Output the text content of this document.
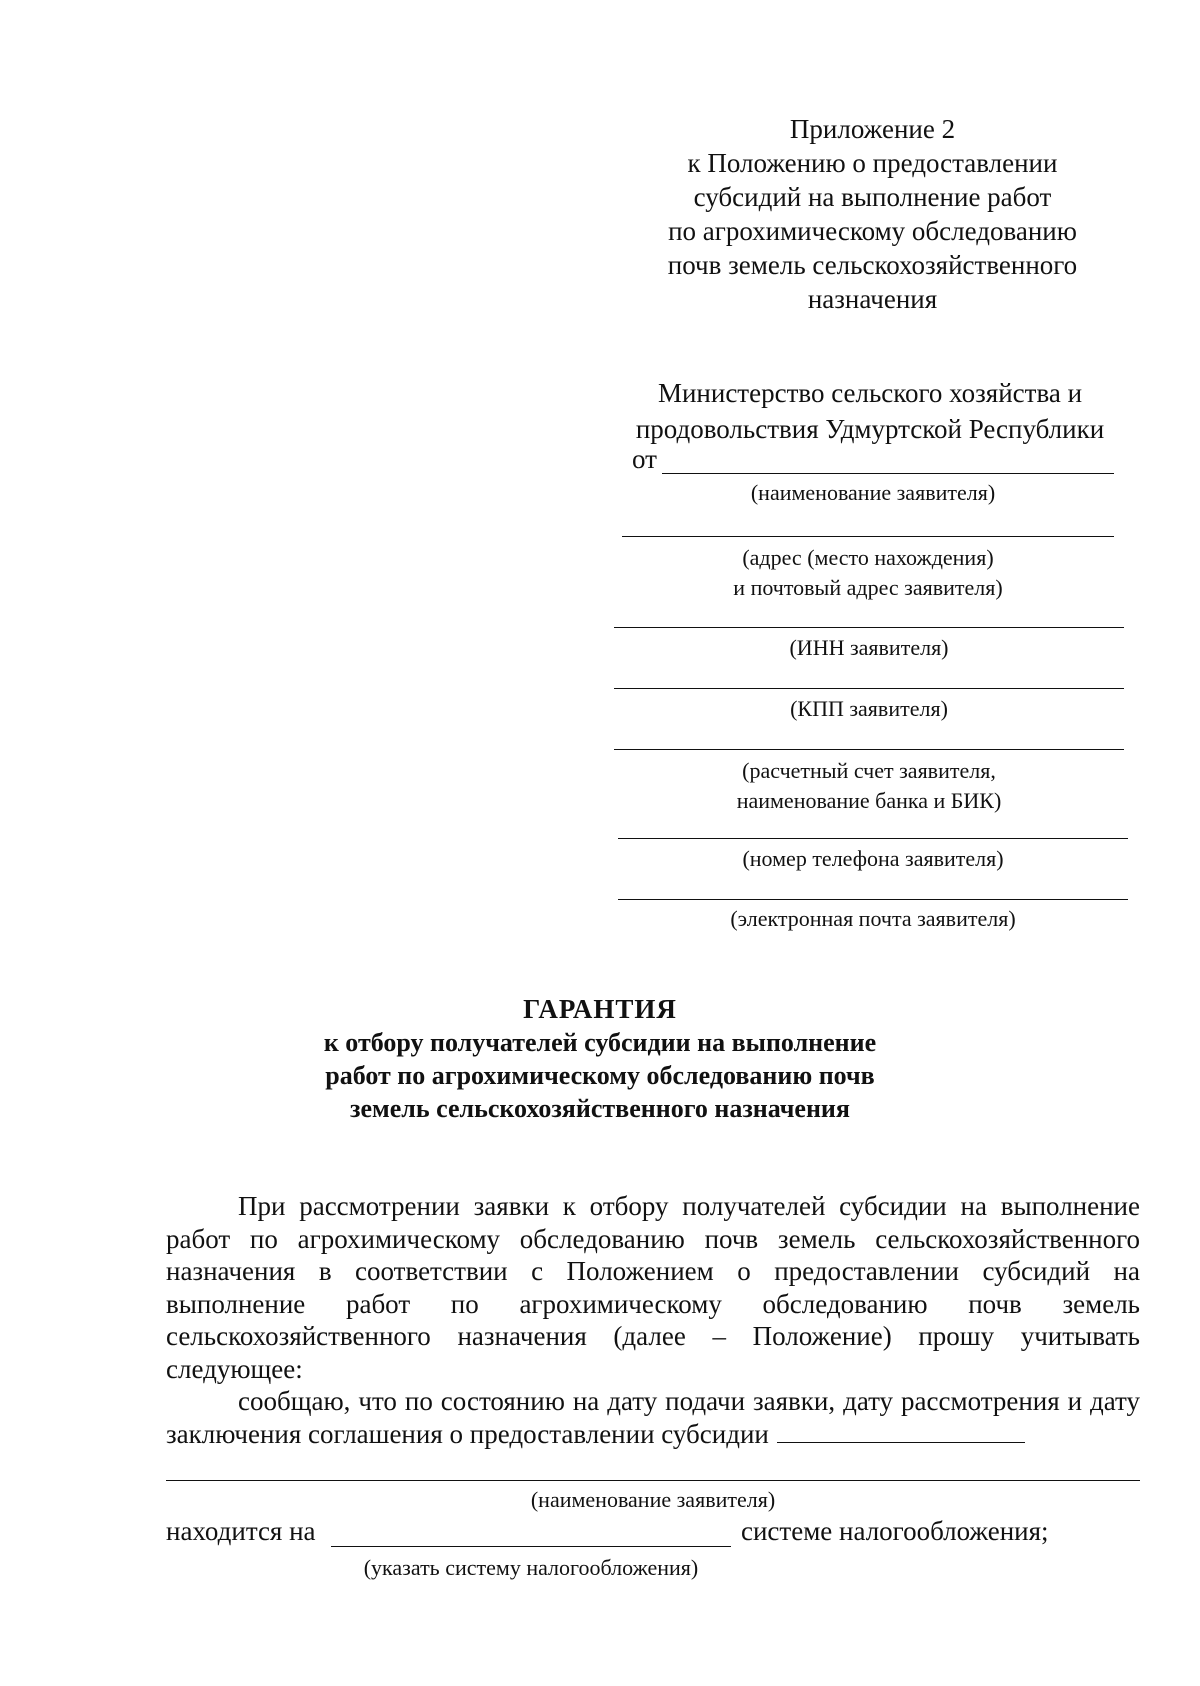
Приложение 2
к Положению о предоставлении
субсидий на выполнение работ
по агрохимическому обследованию
почв земель сельскохозяйственного
назначения
Министерство сельского хозяйства и
продовольствия Удмуртской Республики
от
(наименование заявителя)
(адрес (место нахождения)
и почтовый адрес заявителя)
(ИНН заявителя)
(КПП заявителя)
(расчетный счет заявителя,
наименование банка и БИК)
(номер телефона заявителя)
(электронная почта заявителя)
ГАРАНТИЯ
к отбору получателей субсидии на выполнение
работ по агрохимическому обследованию почв
земель сельскохозяйственного назначения

При рассмотрении заявки к отбору получателей субсидии на выполнение работ по агрохимическому обследованию почв земель сельскохозяйственного назначения в соответствии с Положением о предоставлении субсидий на выполнение работ по агрохимическому обследованию почв земель сельскохозяйственного назначения (далее – Положение) прошу учитывать следующее:

сообщаю, что по состоянию на дату подачи заявки, дату рассмотрения и дату заключения соглашения о предоставлении субсидии

(наименование заявителя)
находится на	системе налогообложения;
(указать систему налогообложения)
